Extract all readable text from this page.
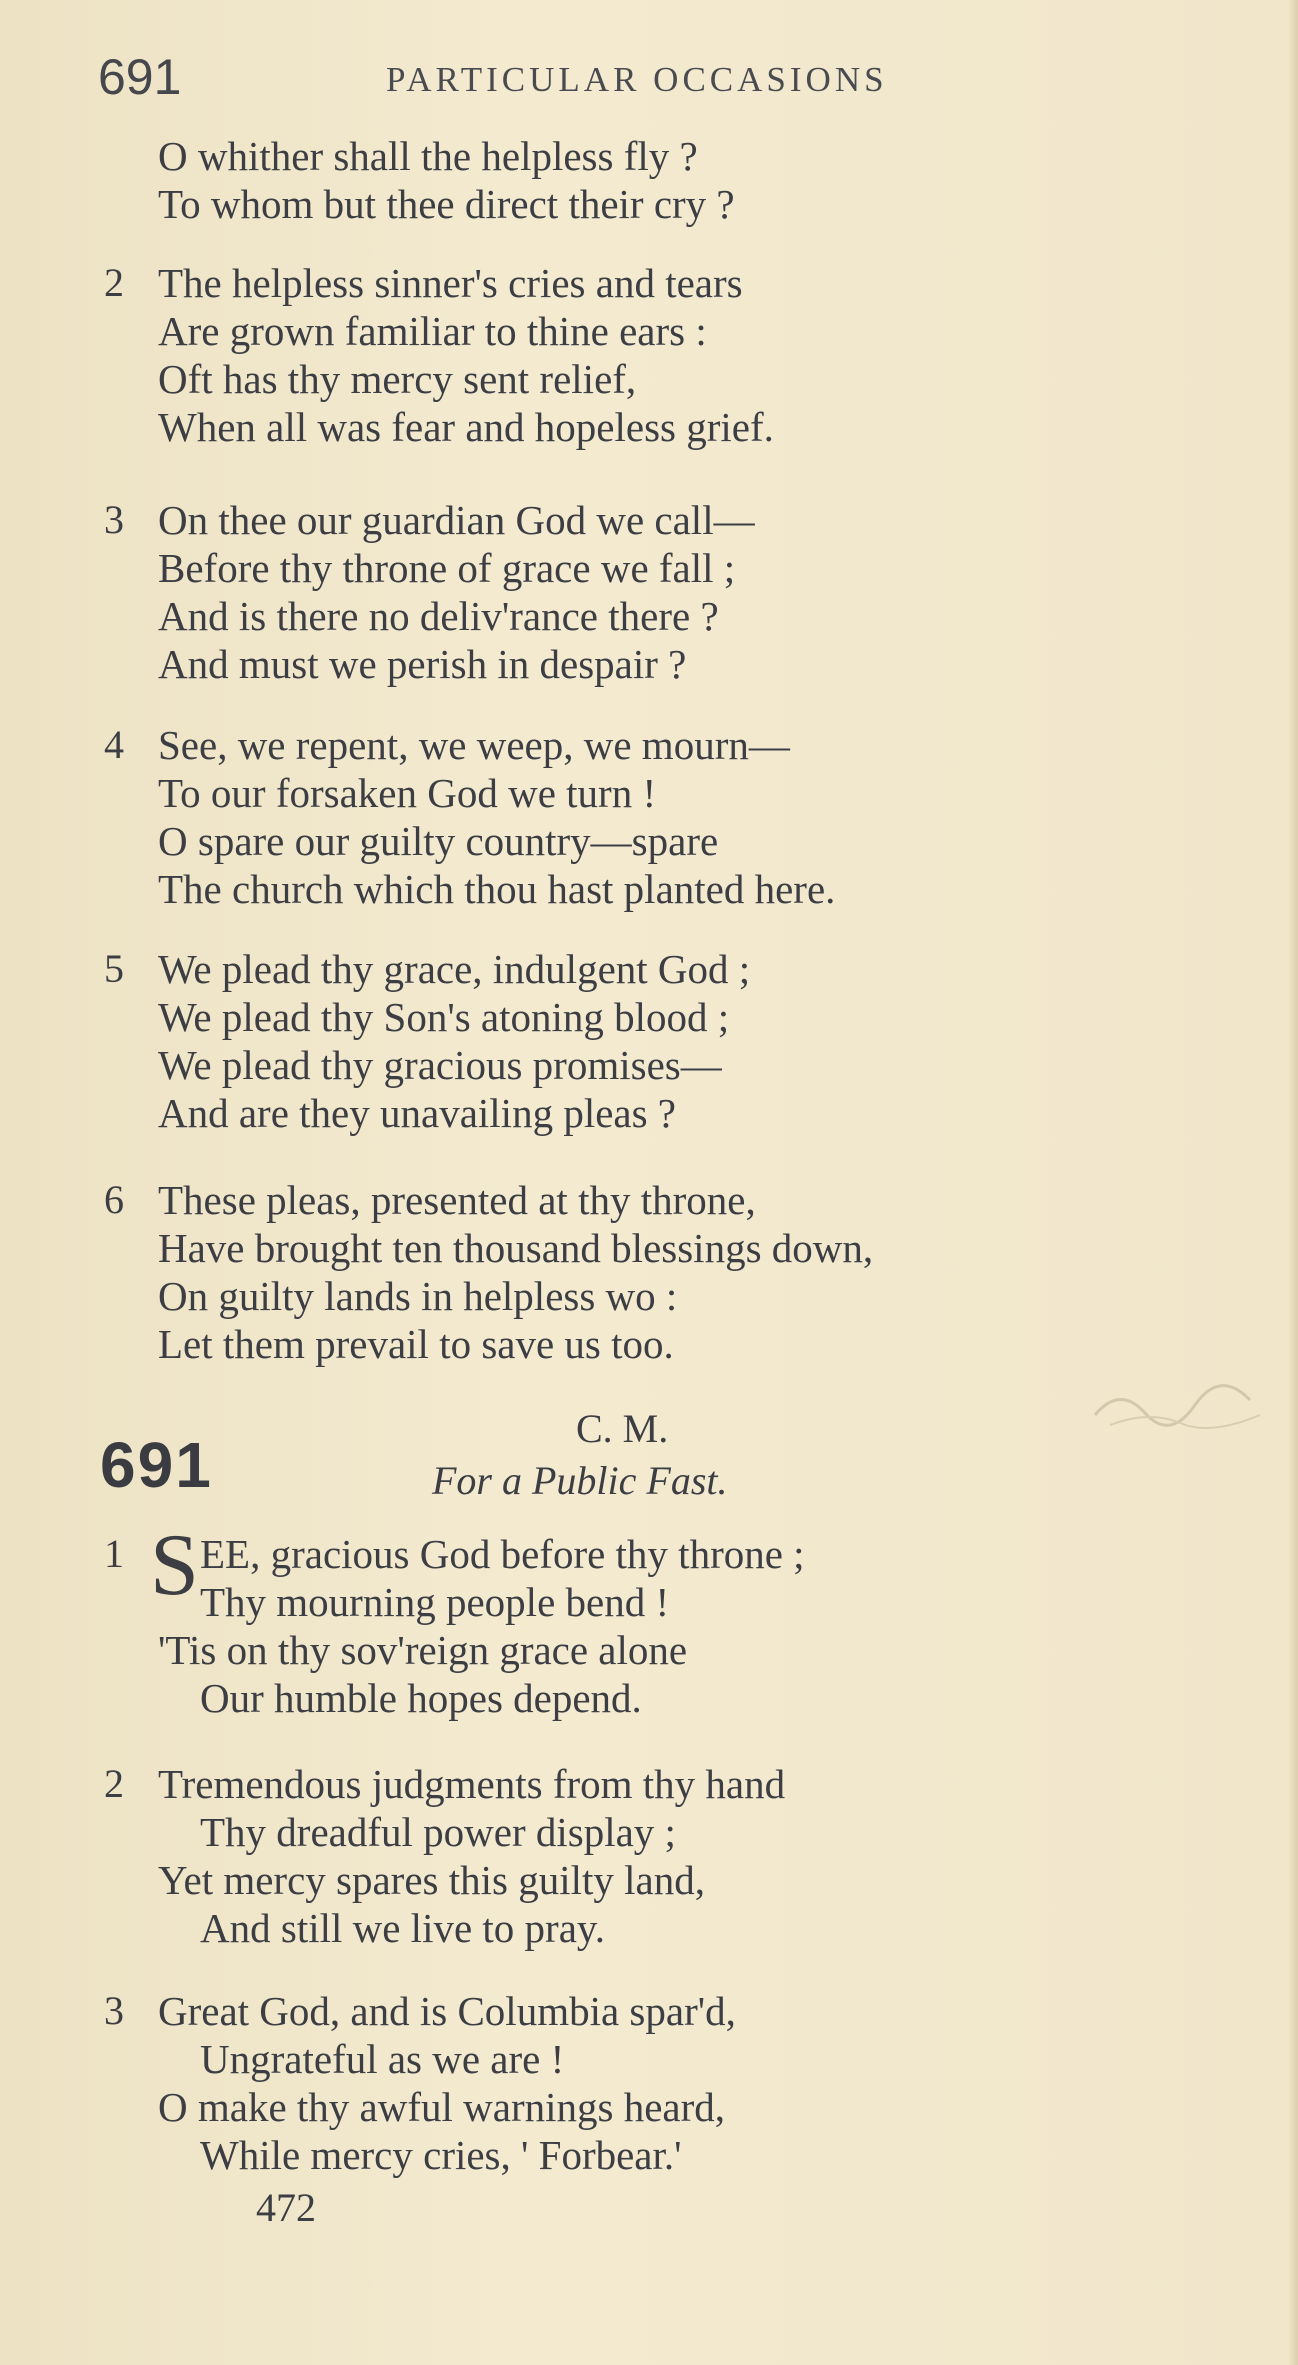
691	PARTICULAR OCCASIONS
O whither shall the helpless fly ?
To whom but thee direct their cry ?
2 The helpless sinner's cries and tears
Are grown familiar to thine ears :
Oft has thy mercy sent relief,
When all was fear and hopeless grief.
3 On thee our guardian God we call—
Before thy throne of grace we fall ;
And is there no deliv'rance there ?
And must we perish in despair ?
4 See, we repent, we weep, we mourn—
To our forsaken God we turn !
O spare our guilty country—spare
The church which thou hast planted here.
5 We plead thy grace, indulgent God ;
We plead thy Son's atoning blood ;
We plead thy gracious promises—
And are they unavailing pleas ?
6 These pleas, presented at thy throne,
Have brought ten thousand blessings down,
On guilty lands in helpless wo :
Let them prevail to save us too.
691
C. M.
For a Public Fast.
1 S EE, gracious God before thy throne ;
Thy mourning people bend !
'Tis on thy sov'reign grace alone
Our humble hopes depend.
2 Tremendous judgments from thy hand
Thy dreadful power display ;
Yet mercy spares this guilty land,
And still we live to pray.
3 Great God, and is Columbia spar'd,
Ungrateful as we are !
O make thy awful warnings heard,
While mercy cries, ' Forbear.'
472
